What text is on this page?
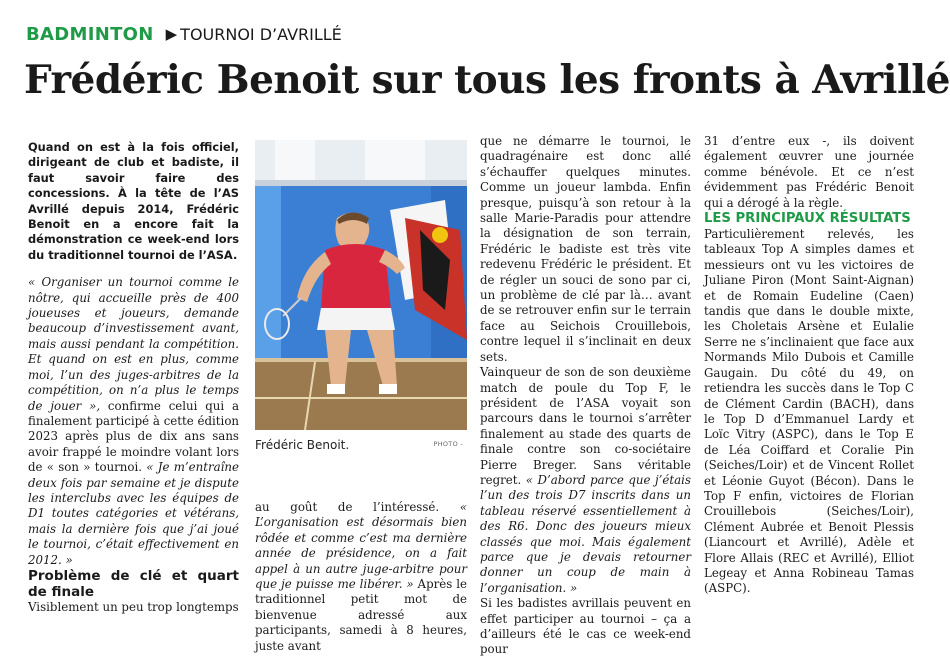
BADMINTON ▶ TOURNOI D’AVRILLÉ
Frédéric Benoit sur tous les fronts à Avrillé

Quand on est à la fois officiel, dirigeant de club et badiste, il faut savoir faire des concessions. À la tête de l’AS Avrillé depuis 2014, Frédéric Benoit en a encore fait la démonstration ce week-end lors du traditionnel tournoi de l’ASA.

« Organiser un tournoi comme le nôtre, qui accueille près de 400 joueuses et joueurs, demande beaucoup d’investissement avant, mais aussi pendant la compétition. Et quand on est en plus, comme moi, l’un des juges-arbitres de la compétition, on n’a plus le temps de jouer », confirme celui qui a finalement participé à cette édition 2023 après plus de dix ans sans avoir frappé le moindre volant lors de « son » tournoi. « Je m’entraîne deux fois par semaine et je dispute les interclubs avec les équipes de D1 toutes catégories et vétérans, mais la dernière fois que j’ai joué le tournoi, c’était effectivement en 2012. »

Problème de clé et quart de finale

Visiblement un peu trop longtemps

Frédéric Benoit.	PHOTO -

au goût de l’intéressé. « L’organisation est désormais bien rôdée et comme c’est ma dernière année de présidence, on a fait appel à un autre juge-arbitre pour que je puisse me libérer. » Après le traditionnel petit mot de bienvenue adressé aux participants, samedi à 8 heures, juste avant

que ne démarre le tournoi, le quadragénaire est donc allé s’échauffer quelques minutes. Comme un joueur lambda. Enfin presque, puisqu’à son retour à la salle Marie-Paradis pour attendre la désignation de son terrain, Frédéric le badiste est très vite redevenu Frédéric le président. Et de régler un souci de sono par ci, un problème de clé par là… avant de se retrouver enfin sur le terrain face au Seichois Crouillebois, contre lequel il s’inclinait en deux sets.

Vainqueur de son de son deuxième match de poule du Top F, le président de l’ASA voyait son parcours dans le tournoi s’arrêter finalement au stade des quarts de finale contre son co-sociétaire Pierre Breger. Sans véritable regret. « D’abord parce que j’étais l’un des trois D7 inscrits dans un tableau réservé essentiellement à des R6. Donc des joueurs mieux classés que moi. Mais également parce que je devais retourner donner un coup de main à l’organisation. »

Si les badistes avrillais peuvent en effet participer au tournoi – ça a d’ailleurs été le cas ce week-end pour

31 d’entre eux -, ils doivent également œuvrer une journée comme bénévole. Et ce n’est évidemment pas Frédéric Benoit qui a dérogé à la règle.

LES PRINCIPAUX RÉSULTATS

Particulièrement relevés, les tableaux Top A simples dames et messieurs ont vu les victoires de Juliane Piron (Mont Saint-Aignan) et de Romain Eudeline (Caen) tandis que dans le double mixte, les Choletais Arsène et Eulalie Serre ne s’inclinaient que face aux Normands Milo Dubois et Camille Gaugain. Du côté du 49, on retiendra les succès dans le Top C de Clément Cardin (BACH), dans le Top D d’Emmanuel Lardy et Loïc Vitry (ASPC), dans le Top E de Léa Coiffard et Coralie Pin (Seiches/Loir) et de Vincent Rollet et Léonie Guyot (Bécon). Dans le Top F enfin, victoires de Florian Crouillebois (Seiches/Loir), Clément Aubrée et Benoit Plessis (Liancourt et Avrillé), Adèle et Flore Allais (REC et Avrillé), Elliot Legeay et Anna Robineau Tamas (ASPC).
